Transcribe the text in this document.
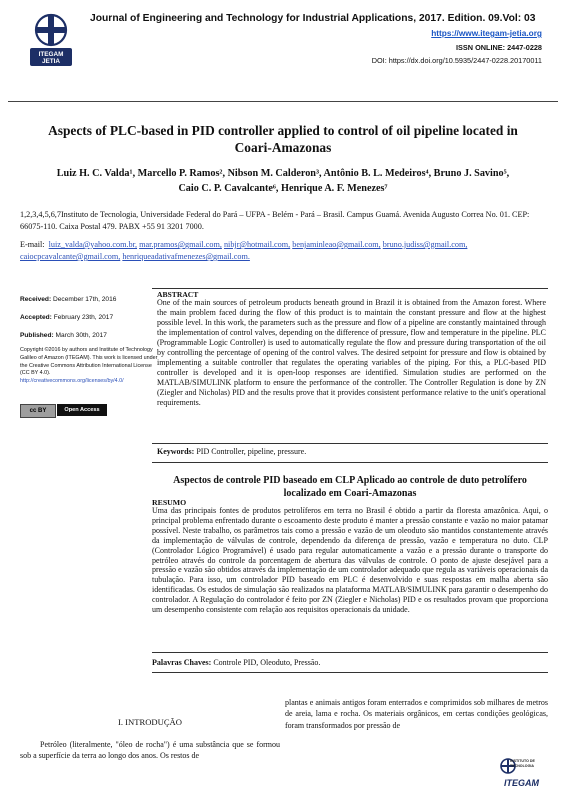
ITEGAM
JETIA
Journal of Engineering and Technology for Industrial Applications, 2017. Edition. 09.Vol: 03
https://www.itegam-jetia.org
ISSN ONLINE: 2447-0228
DOI: https://dx.doi.org/10.5935/2447-0228.20170011
Aspects of PLC-based in PID controller applied to control of oil pipeline located in Coari-Amazonas
Luiz H. C. Valda¹, Marcello P. Ramos², Nibson M. Calderon³, Antônio B. L. Medeiros⁴, Bruno J. Savino⁵,
Caio C. P. Cavalcante⁶, Henrique A. F. Menezes⁷
1,2,3,4,5,6,7Instituto de Tecnologia, Universidade Federal do Pará – UFPA - Belém - Pará – Brasil. Campus Guamá. Avenida Augusto Correa No. 01. CEP: 66075-110. Caixa Postal 479. PABX +55 91 3201 7000.
E-mail: luiz_valda@yahoo.com.br, mar.pramos@gmail.com, nibjr@hotmail.com, benjaminleao@gmail.com, bruno.judiss@gmail.com,
caiocpcavalcante@gmail.com, henriqueadativafmenezes@gmail.com.
Received: December 17th, 2016
Accepted: February 23th, 2017
Published: March 30th, 2017
Copyright ©2016 by authors and Institute of Technology Galileo of Amazon (ITEGAM). This work is licensed under the Creative Commons Attribution International License (CC BY 4.0).
http://creativecommons.org/licenses/by/4.0/
cc BY	Open Access
ABSTRACT
One of the main sources of petroleum products beneath ground in Brazil it is obtained from the Amazon forest. Where the main problem faced during the flow of this product is to maintain the constant pressure and flow at the highest possible level. In this work, the parameters such as the pressure and flow of a pipeline are constantly maintained through the implementation of control valves, depending on the difference of pressure, flow and temperature in the pipeline. PLC (Programmable Logic Controller) is used to automatically regulate the flow and pressure during transportation of the oil by controlling the percentage of opening of the control valves. The desired setpoint for pressure and flow is obtained by implementing a suitable controller that regulates the operating variables of the piping. For this, a PLC-based PID controller is developed and it is open-loop responses are identified. Simulation studies are performed on the MATLAB/SIMULINK platform to ensure the performance of the controller. The Controller Regulation is done by ZN (Ziegler and Nicholas) PID and the results prove that it provides consistent performance relative to the unit's operational requirements.
Keywords: PID Controller, pipeline, pressure.
Aspectos de controle PID baseado em CLP Aplicado ao controle de duto petrolífero localizado em Coari-Amazonas
RESUMO
Uma das principais fontes de produtos petrolíferos em terra no Brasil é obtido a partir da floresta amazônica. Aqui, o principal problema enfrentado durante o escoamento deste produto é manter a pressão constante e vazão no maior patamar possível. Neste trabalho, os parâmetros tais como a pressão e vazão de um oleoduto são mantidos constantemente através da implementação de válvulas de controle, dependendo da diferença de pressão, vazão e temperatura no duto. CLP (Controlador Lógico Programável) é usado para regular automaticamente a vazão e a pressão durante o transporte do petróleo através do controle da porcentagem de abertura das válvulas de controle. O ponto de ajuste desejável para a pressão e vazão são obtidos através da implementação de um controlador adequado que regula as variáveis operacionais da tubulação. Para isso, um controlador PID baseado em PLC é desenvolvido e suas respostas em malha aberta são identificadas. Os estudos de simulação são realizados na plataforma MATLAB/SIMULINK para garantir o desempenho do controlador. A Regulação do controlador é feito por ZN (Ziegler e Nicholas) PID e os resultados provam que proporciona um desempenho consistente com relação aos requisitos operacionais da unidade.
Palavras Chaves: Controle PID, Oleoduto, Pressão.
I. INTRODUÇÃO
Petróleo (literalmente, "óleo de rocha") é uma substância que se formou sob a superfície da terra ao longo dos anos. Os restos de
plantas e animais antigos foram enterrados e comprimidos sob milhares de metros de areia, lama e rocha. Os materiais orgânicos, em certas condições geológicas, foram transformados por pressão de
INSTITUTO DE
TECNOLOGIA
ITEGAM
